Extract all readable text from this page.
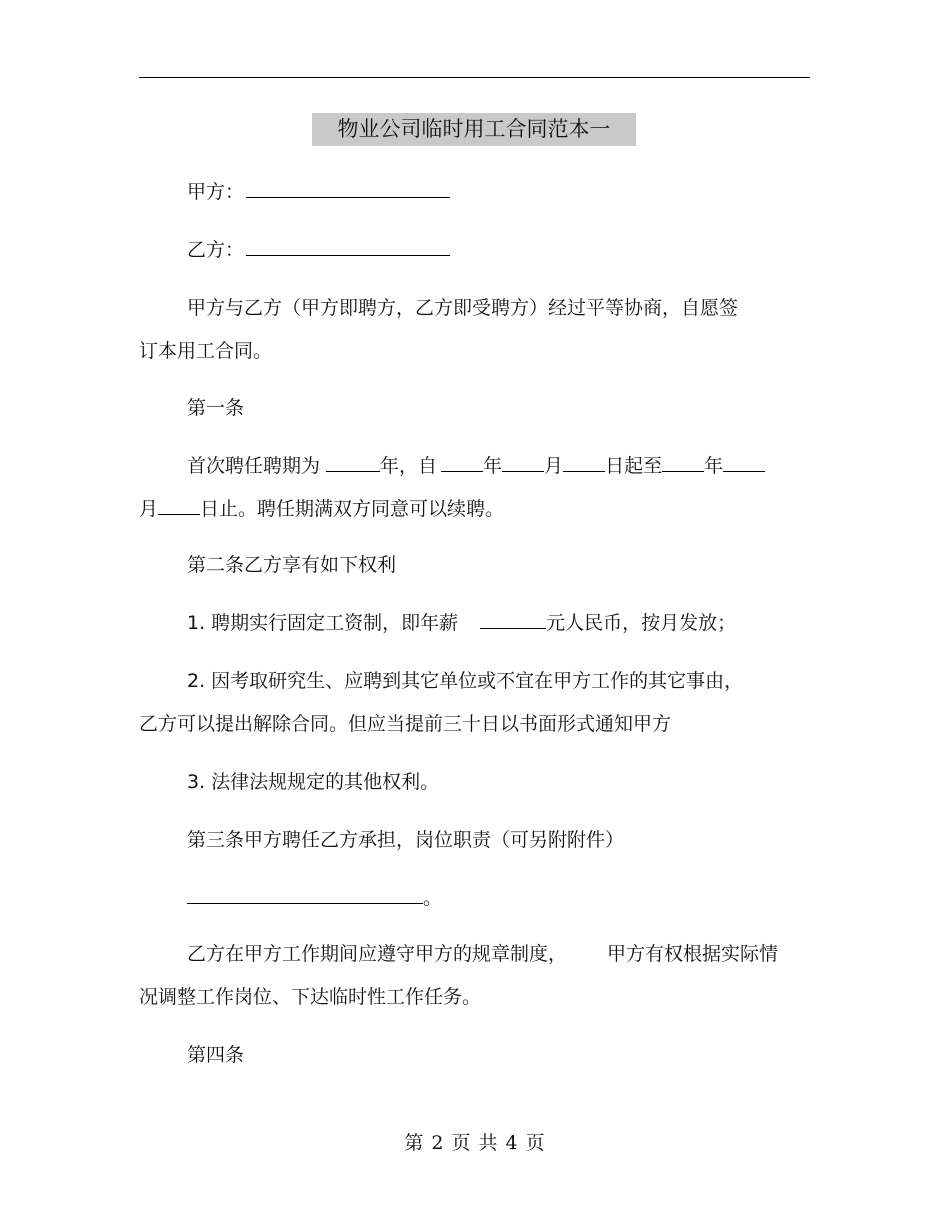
物业公司临时用工合同范本一
甲方：
乙方：
甲方与乙方（甲方即聘方，乙方即受聘方）经过平等协商，自愿签
订本用工合同。
第一条
首次聘任聘期为	年，自 年 月 日起至 年
月 日止。聘任期满双方同意可以续聘。
第二条乙方享有如下权利
1. 聘期实行固定工资制，即年薪	元人民币，按月发放；
2. 因考取研究生、应聘到其它单位或不宜在甲方工作的其它事由，
乙方可以提出解除合同。但应当提前三十日以书面形式通知甲方
3. 法律法规规定的其他权利。
第三条甲方聘任乙方承担，岗位职责（可另附附件）
。
乙方在甲方工作期间应遵守甲方的规章制度， 甲方有权根据实际情
况调整工作岗位、下达临时性工作任务。
第四条
第 2 页 共 4 页
